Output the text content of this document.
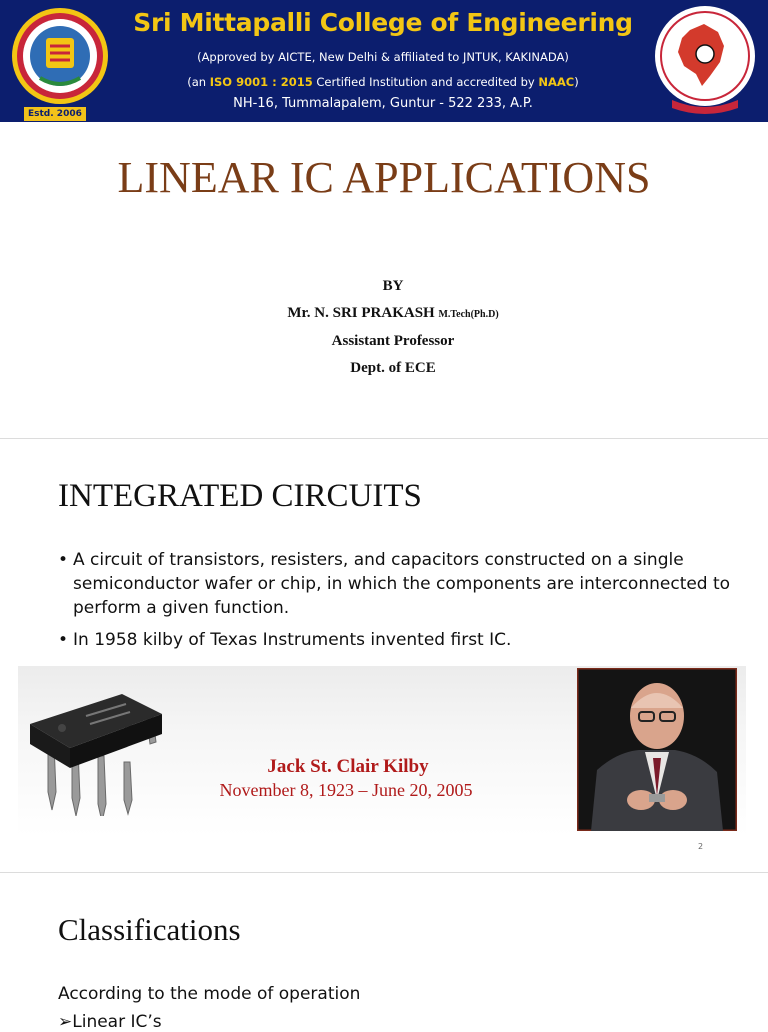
Estd. 2006
Sri Mittapalli College of Engineering
(Approved by AICTE, New Delhi & affiliated to JNTUK, KAKINADA)
(an ISO 9001 : 2015 Certified Institution and accredited by NAAC)
NH-16, Tummalapalem, Guntur - 522 233, A.P.
LINEAR IC APPLICATIONS
BY
Mr. N. SRI PRAKASH M.Tech(Ph.D)
Assistant Professor
Dept. of ECE
INTEGRATED CIRCUITS
• A circuit of transistors, resisters, and capacitors constructed on a single semiconductor wafer or chip, in which the components are interconnected to perform a given function.
• In 1958 kilby of Texas Instruments invented first IC.
Jack St. Clair Kilby
November 8, 1923 – June 20, 2005
2
Classifications
According to the mode of operation
➢Linear IC’s
